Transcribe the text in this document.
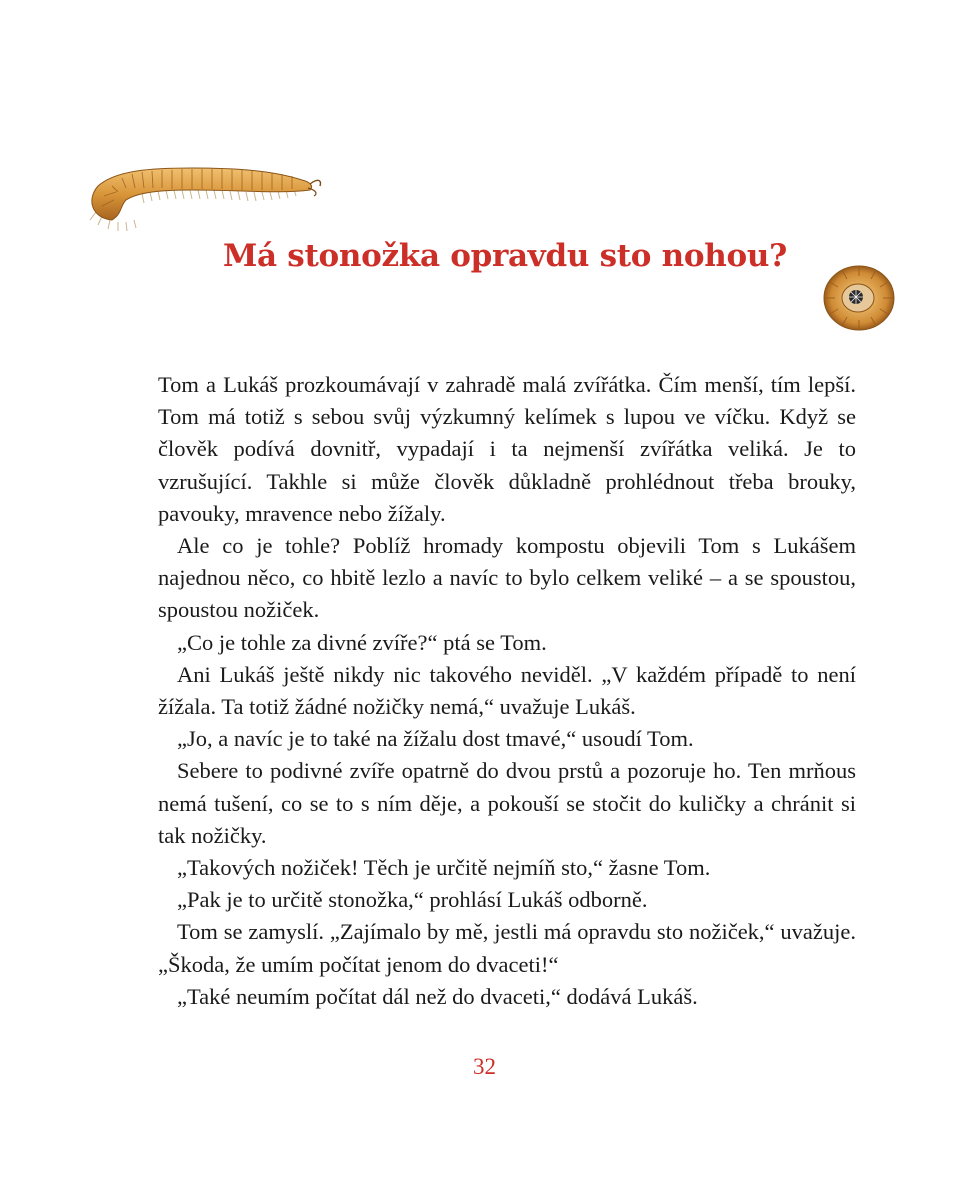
Má stonožka opravdu sto nohou?

Tom a Lukáš prozkoumávají v zahradě malá zvířátka. Čím menší, tím lepší. Tom má totiž s sebou svůj výzkumný kelímek s lupou ve víčku. Když se člověk podívá dovnitř, vypadají i ta nejmenší zvířátka veliká. Je to vzrušující. Takhle si může člověk důkladně prohlédnout třeba brouky, pavouky, mravence nebo žížaly.

Ale co je tohle? Poblíž hromady kompostu objevili Tom s Lukášem najednou něco, co hbitě lezlo a navíc to bylo celkem veliké – a se spoustou, spoustou nožiček.

„Co je tohle za divné zvíře?“ ptá se Tom.

Ani Lukáš ještě nikdy nic takového neviděl. „V každém případě to není žížala. Ta totiž žádné nožičky nemá,“ uvažuje Lukáš.

„Jo, a navíc je to také na žížalu dost tmavé,“ usoudí Tom.

Sebere to podivné zvíře opatrně do dvou prstů a pozoruje ho. Ten mrňous nemá tušení, co se to s ním děje, a pokouší se stočit do kuličky a chránit si tak nožičky.

„Takových nožiček! Těch je určitě nejmíň sto,“ žasne Tom.

„Pak je to určitě stonožka,“ prohlásí Lukáš odborně.

Tom se zamyslí. „Zajímalo by mě, jestli má opravdu sto nožiček,“ uvažuje. „Škoda, že umím počítat jenom do dvaceti!“

„Také neumím počítat dál než do dvaceti,“ dodává Lukáš.

32
